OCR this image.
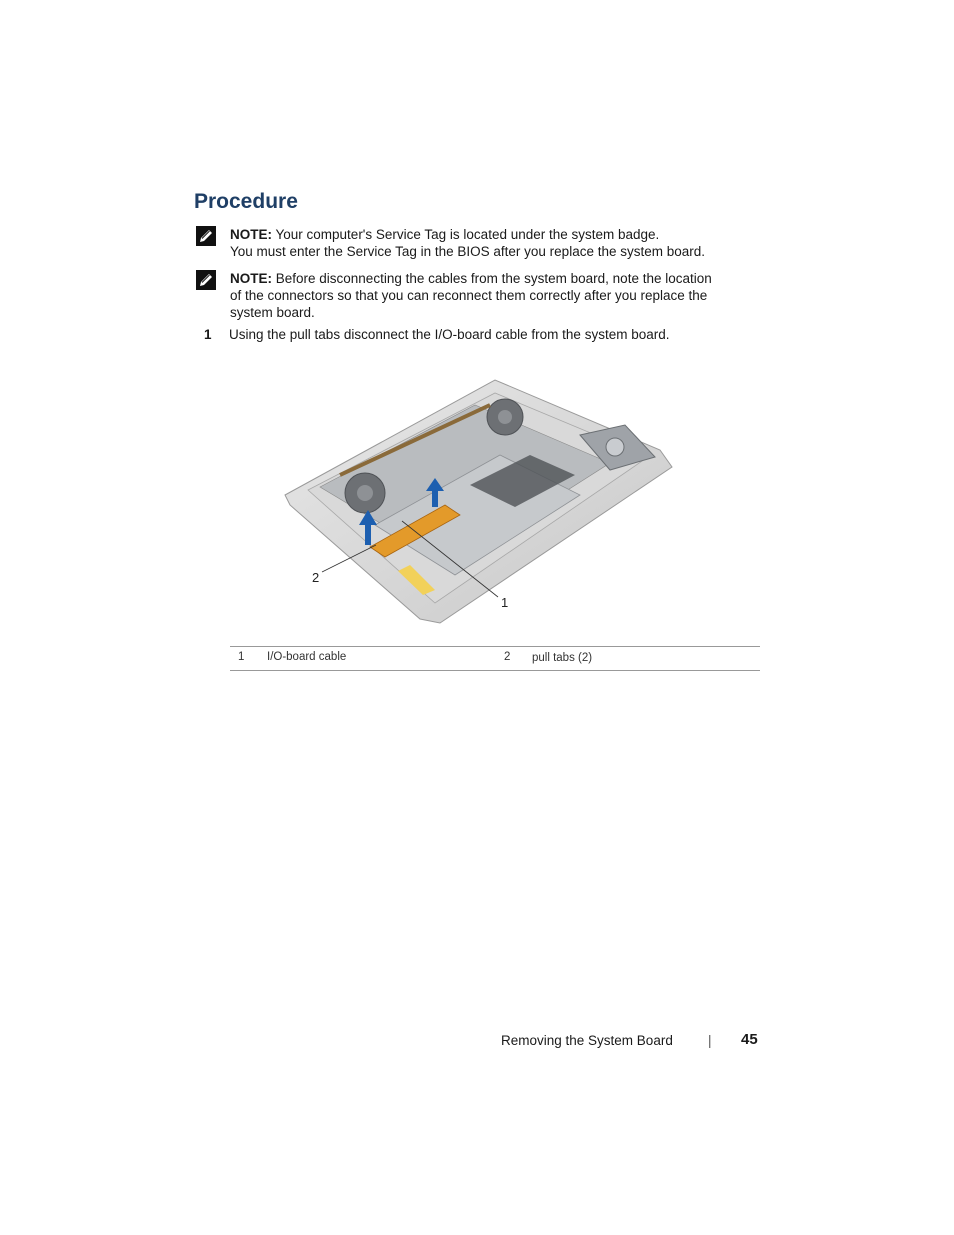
Procedure
NOTE: Your computer's Service Tag is located under the system badge.
You must enter the Service Tag in the BIOS after you replace the system board.
NOTE: Before disconnecting the cables from the system board, note the location
of the connectors so that you can reconnect them correctly after you replace the
system board.
1 Using the pull tabs disconnect the I/O-board cable from the system board.
2
1
1 I/O-board cable	2 pull tabs (2)
Removing the System Board	| 45
